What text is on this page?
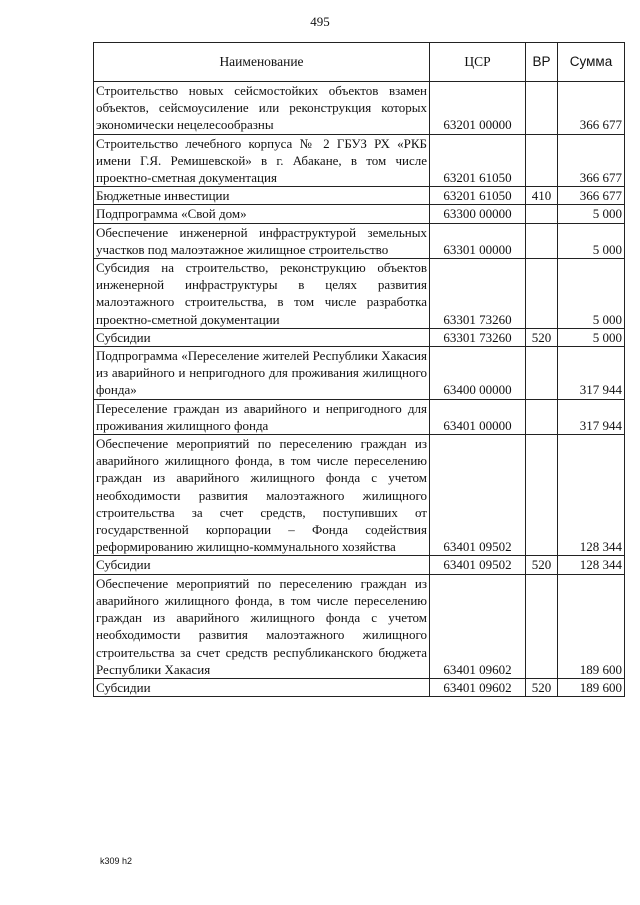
495
Наименование	ЦСР	ВР	Сумма
Строительство новых сейсмостойких объектов взамен объектов, сейсмоусиление или реконструкция которых экономически нецелесообразны	63201 00000		366 677
Строительство лечебного корпуса № 2 ГБУЗ РХ «РКБ имени Г.Я. Ремишевской» в г. Абакане, в том числе проектно-сметная документация	63201 61050		366 677
Бюджетные инвестиции	63201 61050	410	366 677
Подпрограмма «Свой дом»	63300 00000		5 000
Обеспечение инженерной инфраструктурой земельных участков под малоэтажное жилищное строительство	63301 00000		5 000
Субсидия на строительство, реконструкцию объектов инженерной инфраструктуры в целях развития малоэтажного строительства, в том числе разработка проектно-сметной документации	63301 73260		5 000
Субсидии	63301 73260	520	5 000
Подпрограмма «Переселение жителей Республики Хакасия из аварийного и непригодного для проживания жилищного фонда»	63400 00000		317 944
Переселение граждан из аварийного и непригодного для проживания жилищного фонда	63401 00000		317 944
Обеспечение мероприятий по переселению граждан из аварийного жилищного фонда, в том числе переселению граждан из аварийного жилищного фонда с учетом необходимости развития малоэтажного жилищного строительства за счет средств, поступивших от государственной корпорации – Фонда содействия реформированию жилищно-коммунального хозяйства	63401 09502		128 344
Субсидии	63401 09502	520	128 344
Обеспечение мероприятий по переселению граждан из аварийного жилищного фонда, в том числе переселению граждан из аварийного жилищного фонда с учетом необходимости развития малоэтажного жилищного строительства за счет средств республиканского бюджета Республики Хакасия	63401 09602		189 600
Субсидии	63401 09602	520	189 600
k309 h2
